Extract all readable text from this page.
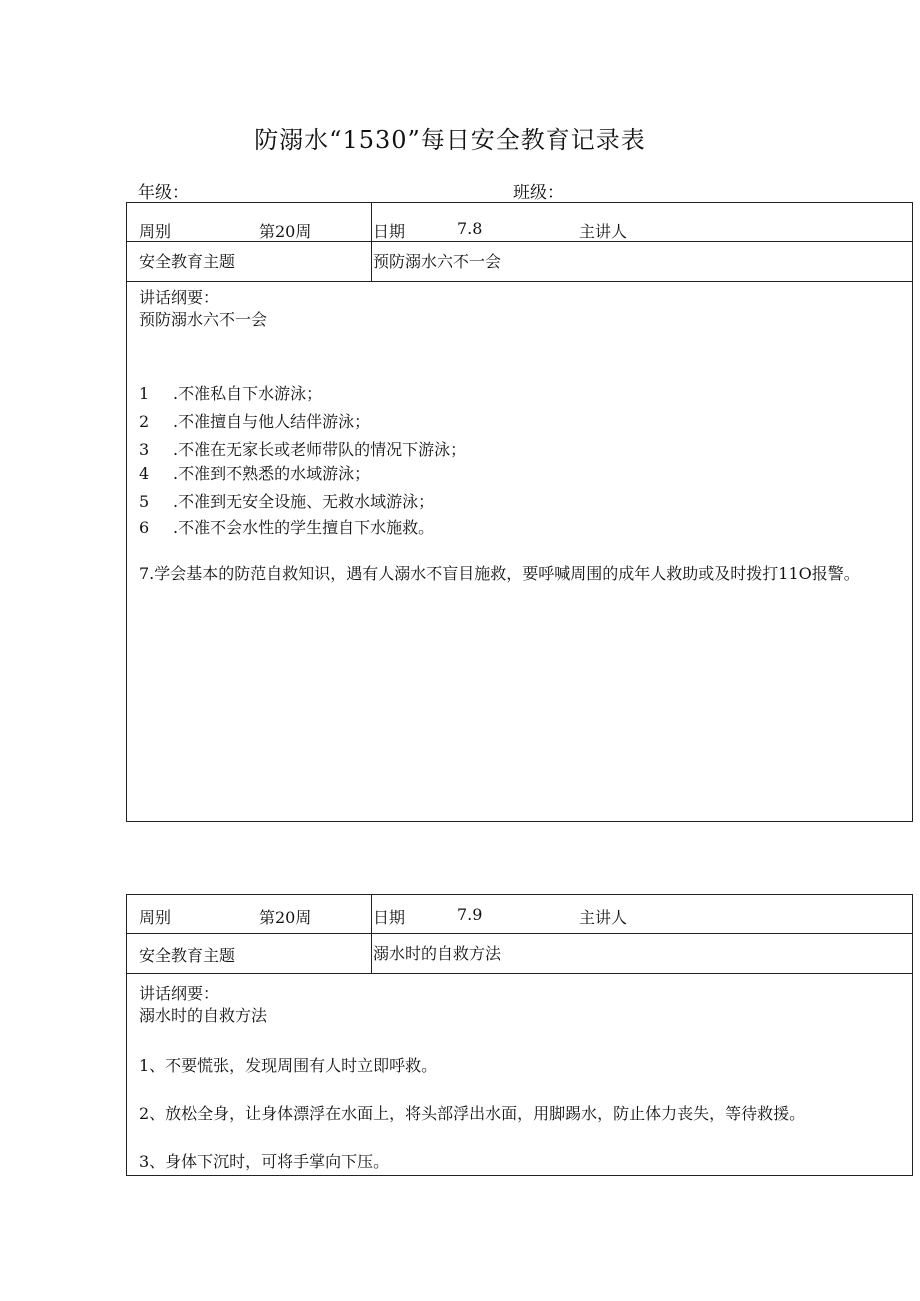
防溺水“1530”每日安全教育记录表
年级：	班级：
周别	第20周	日期	7.8	主讲人
安全教育主题	预防溺水六不一会
讲话纲要：
预防溺水六不一会
1 .不准私自下水游泳；
2 .不准擅自与他人结伴游泳；
3 .不准在无家长或老师带队的情况下游泳；
4 .不准到不熟悉的水域游泳；
5 .不准到无安全设施、无救水域游泳；
6 .不准不会水性的学生擅自下水施救。
7.学会基本的防范自救知识，遇有人溺水不盲目施救，要呼喊周围的成年人救助或及时拨打11O报警。
周别	第20周	日期	7.9	主讲人
安全教育主题	溺水时的自救方法
讲话纲要：
溺水时的自救方法
1、不要慌张，发现周围有人时立即呼救。
2、放松全身，让身体漂浮在水面上，将头部浮出水面，用脚踢水，防止体力丧失，等待救援。
3、身体下沉时，可将手掌向下压。
